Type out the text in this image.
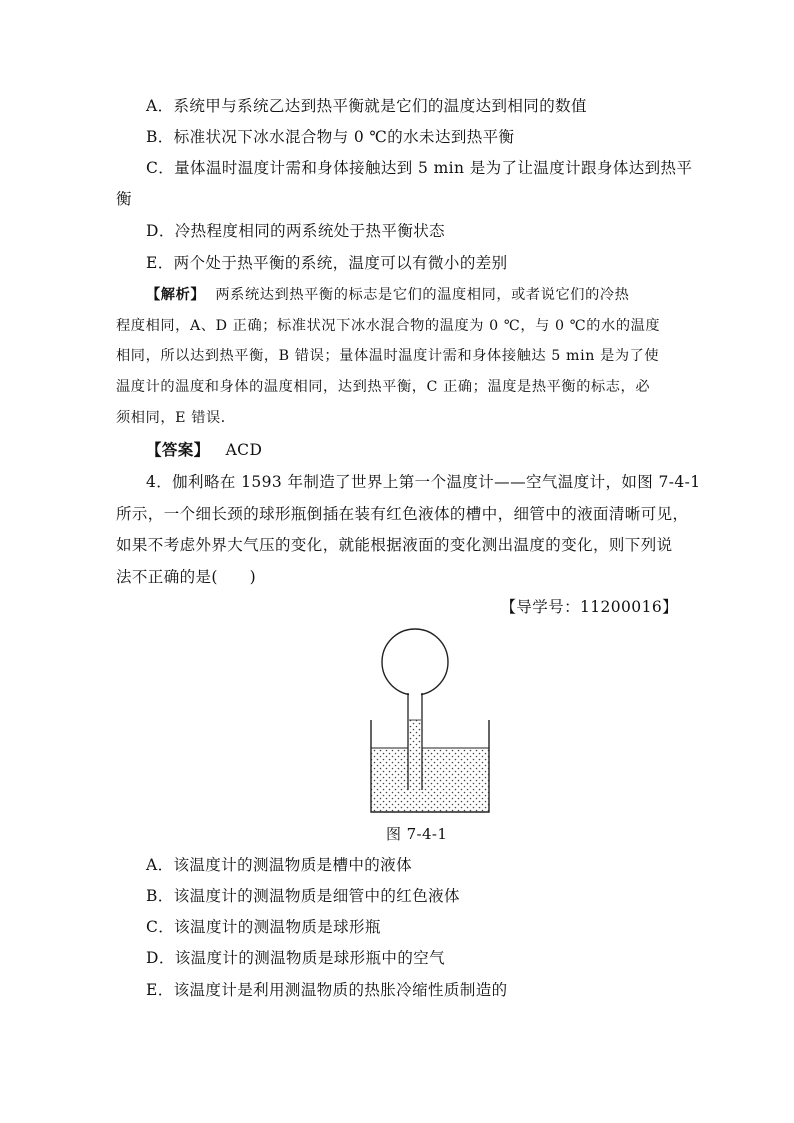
A．系统甲与系统乙达到热平衡就是它们的温度达到相同的数值
B．标准状况下冰水混合物与 0 ℃的水未达到热平衡
C．量体温时温度计需和身体接触达到 5 min 是为了让温度计跟身体达到热平
衡
D．冷热程度相同的两系统处于热平衡状态
E．两个处于热平衡的系统，温度可以有微小的差别
【解析】 两系统达到热平衡的标志是它们的温度相同，或者说它们的冷热
程度相同，A、D 正确；标准状况下冰水混合物的温度为 0 ℃，与 0 ℃的水的温度
相同，所以达到热平衡，B 错误；量体温时温度计需和身体接触达 5 min 是为了使
温度计的温度和身体的温度相同，达到热平衡，C 正确；温度是热平衡的标志，必
须相同，E 错误．
【答案】 ACD
4．伽利略在 1593 年制造了世界上第一个温度计——空气温度计，如图 7-4-1
所示，一个细长颈的球形瓶倒插在装有红色液体的槽中，细管中的液面清晰可见，
如果不考虑外界大气压的变化，就能根据液面的变化测出温度的变化，则下列说
法不正确的是(　　)
【导学号：11200016】
图 7-4-1
A．该温度计的测温物质是槽中的液体
B．该温度计的测温物质是细管中的红色液体
C．该温度计的测温物质是球形瓶
D．该温度计的测温物质是球形瓶中的空气
E．该温度计是利用测温物质的热胀冷缩性质制造的
